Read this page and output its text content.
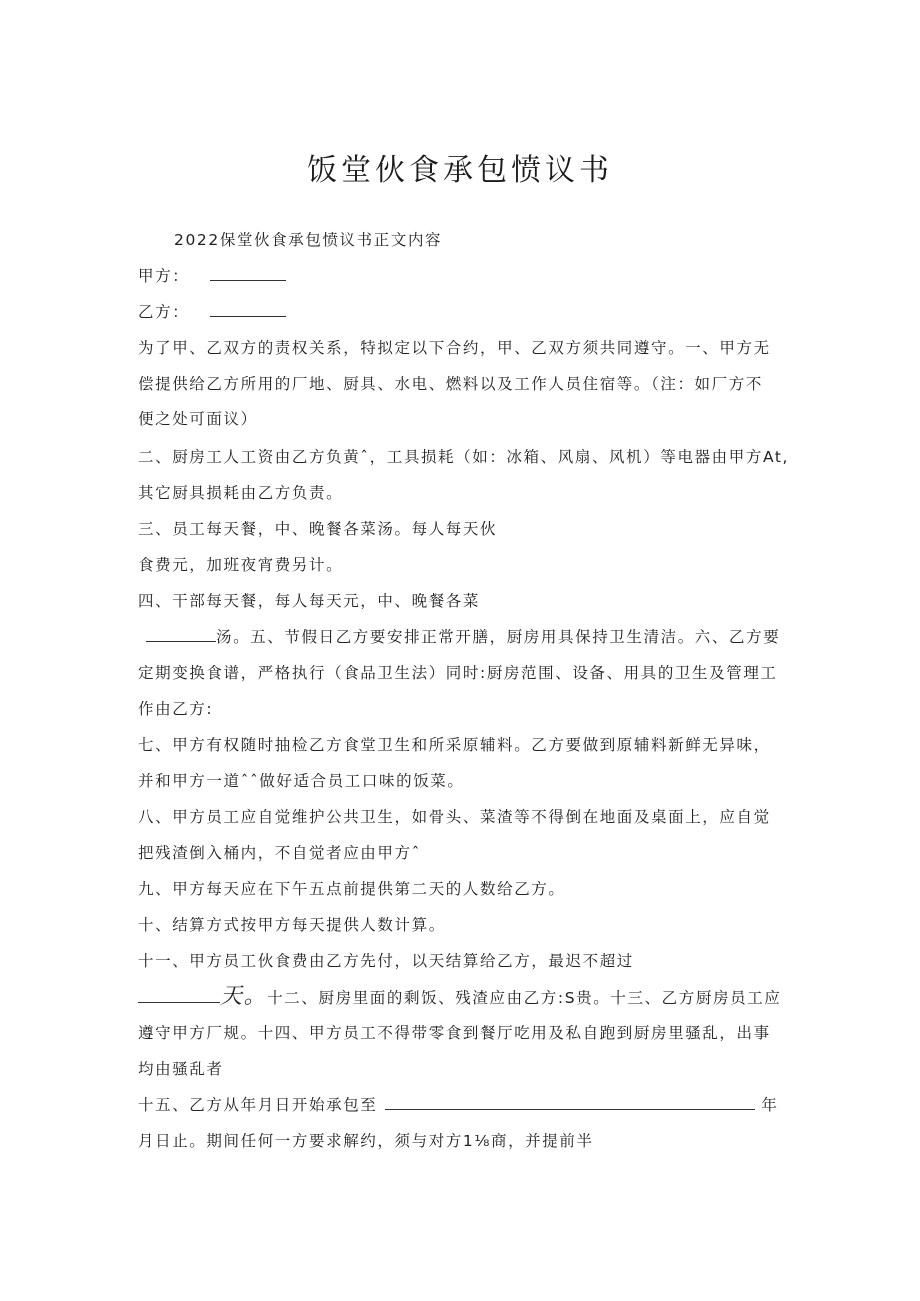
饭堂伙食承包愤议书
2022保堂伙食承包愤议书正文内容
甲方：
乙方：
为了甲、乙双方的责权关系，特拟定以下合约，甲、乙双方须共同遵守。一、甲方无
偿提供给乙方所用的厂地、厨具、水电、燃料以及工作人员住宿等。（注：如厂方不
便之处可面议）
二、厨房工人工资由乙方负黄ˆ，工具损耗（如：冰箱、风扇、风机）等电器由甲方At,
其它厨具损耗由乙方负责。
三、员工每天餐，中、晚餐各菜汤。每人每天伙
食费元，加班夜宵费另计。
四、干部每天餐，每人每天元，中、晚餐各菜
汤。五、节假日乙方要安排正常开膳，厨房用具保持卫生清洁。六、乙方要
定期变换食谱，严格执行（食品卫生法）同时:厨房范围、设备、用具的卫生及管理工
作由乙方:
七、甲方有权随时抽检乙方食堂卫生和所采原辅料。乙方要做到原辅料新鲜无异味，
并和甲方一道ˆˆ做好适合员工口味的饭菜。
八、甲方员工应自觉维护公共卫生，如骨头、菜渣等不得倒在地面及桌面上，应自觉
把残渣倒入桶内，不自觉者应由甲方ˆ
九、甲方每天应在下午五点前提供第二天的人数给乙方。
十、结算方式按甲方每天提供人数计算。
十一、甲方员工伙食费由乙方先付，以天结算给乙方，最迟不超过
天。十二、厨房里面的剩饭、残渣应由乙方:S贵。十三、乙方厨房员工应
遵守甲方厂规。十四、甲方员工不得带零食到餐厅吃用及私自跑到厨房里骚乱，出事
均由骚乱者
十五、乙方从年月日开始承包至	年
月日止。期间任何一方要求解约，须与对方1⅛商，并提前半
